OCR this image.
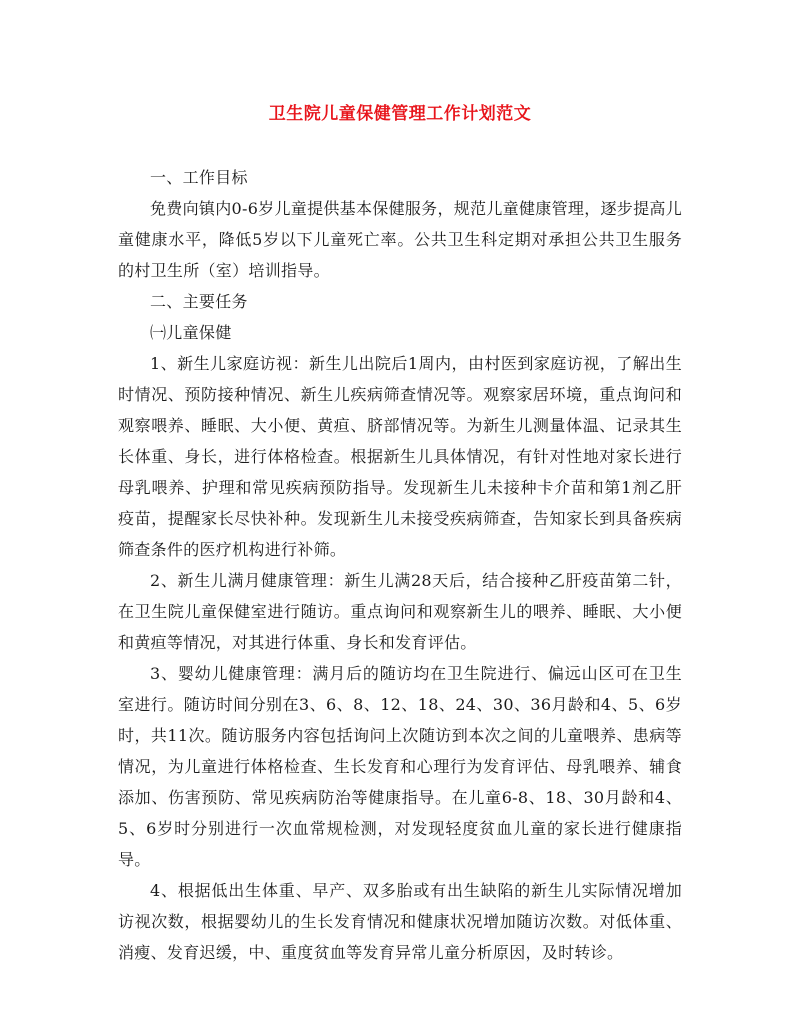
卫生院儿童保健管理工作计划范文

一、工作目标

免费向镇内0-6岁儿童提供基本保健服务，规范儿童健康管理，逐步提高儿童健康水平，降低5岁以下儿童死亡率。公共卫生科定期对承担公共卫生服务的村卫生所（室）培训指导。

二、主要任务

㈠儿童保健

1、新生儿家庭访视：新生儿出院后1周内，由村医到家庭访视，了解出生时情况、预防接种情况、新生儿疾病筛查情况等。观察家居环境，重点询问和观察喂养、睡眠、大小便、黄疸、脐部情况等。为新生儿测量体温、记录其生长体重、身长，进行体格检查。根据新生儿具体情况，有针对性地对家长进行母乳喂养、护理和常见疾病预防指导。发现新生儿未接种卡介苗和第1剂乙肝疫苗，提醒家长尽快补种。发现新生儿未接受疾病筛查，告知家长到具备疾病筛查条件的医疗机构进行补筛。

2、新生儿满月健康管理：新生儿满28天后，结合接种乙肝疫苗第二针，在卫生院儿童保健室进行随访。重点询问和观察新生儿的喂养、睡眠、大小便和黄疸等情况，对其进行体重、身长和发育评估。

3、婴幼儿健康管理：满月后的随访均在卫生院进行、偏远山区可在卫生室进行。随访时间分别在3、6、8、12、18、24、30、36月龄和4、5、6岁时，共11次。随访服务内容包括询问上次随访到本次之间的儿童喂养、患病等情况，为儿童进行体格检查、生长发育和心理行为发育评估、母乳喂养、辅食添加、伤害预防、常见疾病防治等健康指导。在儿童6-8、18、30月龄和4、5、6岁时分别进行一次血常规检测，对发现轻度贫血儿童的家长进行健康指导。

4、根据低出生体重、早产、双多胎或有出生缺陷的新生儿实际情况增加访视次数，根据婴幼儿的生长发育情况和健康状况增加随访次数。对低体重、消瘦、发育迟缓，中、重度贫血等发育异常儿童分析原因，及时转诊。
